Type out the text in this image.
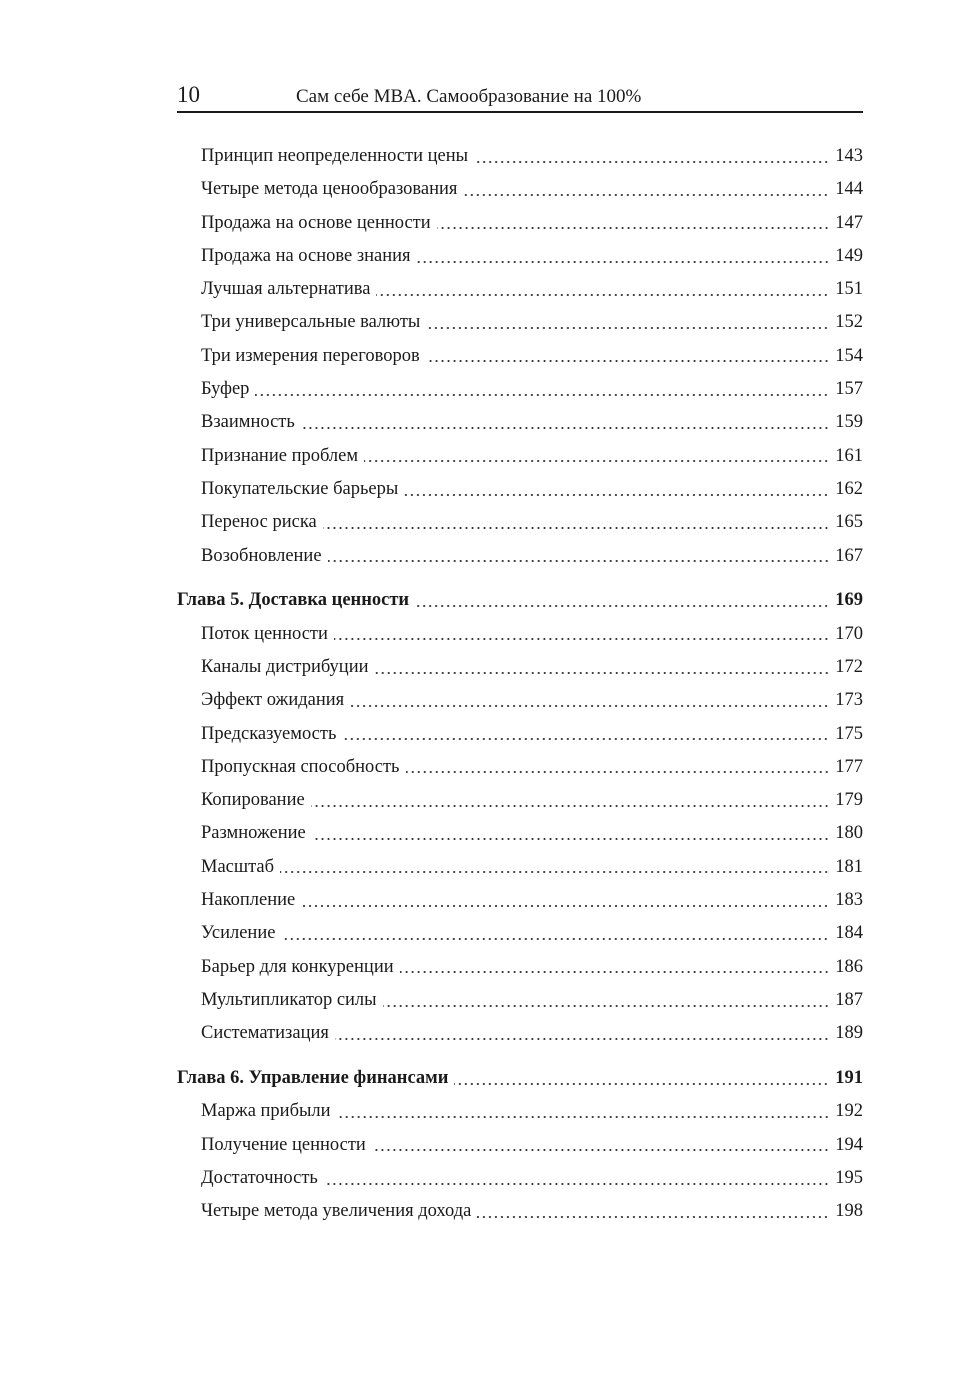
10	Сам себе MBA. Самообразование на 100%
Принцип неопределенности цены	143
Четыре метода ценообразования	144
Продажа на основе ценности	147
Продажа на основе знания	149
Лучшая альтернатива	151
Три универсальные валюты	152
Три измерения переговоров	154
Буфер	157
Взаимность	159
Признание проблем	161
Покупательские барьеры	162
Перенос риска	165
Возобновление	167
Глава 5. Доставка ценности	169
Поток ценности	170
Каналы дистрибуции	172
Эффект ожидания	173
Предсказуемость	175
Пропускная способность	177
Копирование	179
Размножение	180
Масштаб	181
Накопление	183
Усиление	184
Барьер для конкуренции	186
Мультипликатор силы	187
Систематизация	189
Глава 6. Управление финансами	191
Маржа прибыли	192
Получение ценности	194
Достаточность	195
Четыре метода увеличения дохода	198
